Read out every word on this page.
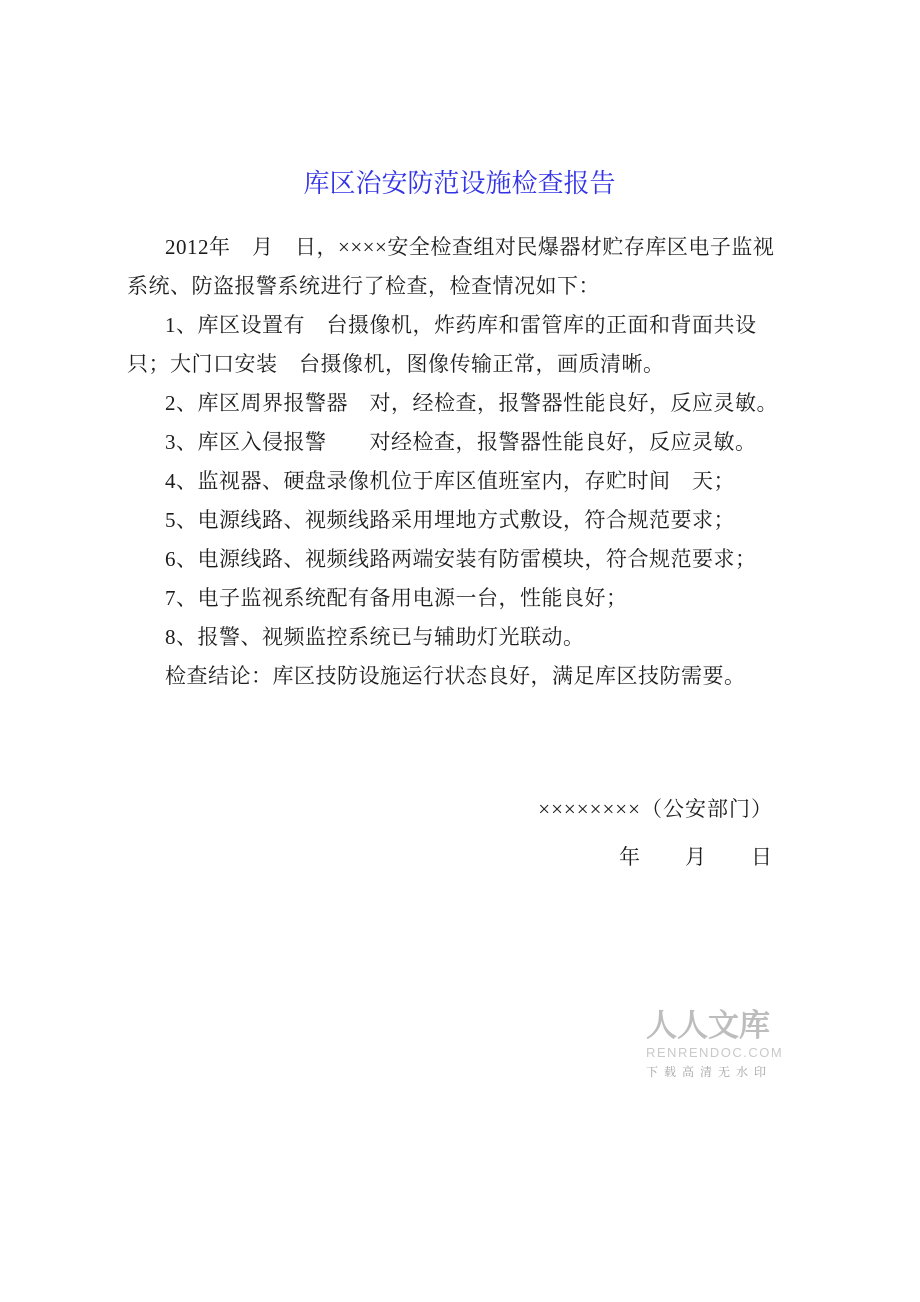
库区治安防范设施检查报告

2012年　月　日，××××安全检查组对民爆器材贮存库区电子监视系统、防盗报警系统进行了检查，检查情况如下：

1、库区设置有　台摄像机，炸药库和雷管库的正面和背面共设　只；大门口安装　台摄像机，图像传输正常，画质清晰。

2、库区周界报警器　对，经检查，报警器性能良好，反应灵敏。

3、库区入侵报警　　对经检查，报警器性能良好，反应灵敏。

4、监视器、硬盘录像机位于库区值班室内，存贮时间　天；

5、电源线路、视频线路采用埋地方式敷设，符合规范要求；

6、电源线路、视频线路两端安装有防雷模块，符合规范要求；

7、电子监视系统配有备用电源一台，性能良好；

8、报警、视频监控系统已与辅助灯光联动。

检查结论：库区技防设施运行状态良好，满足库区技防需要。

××××××××（公安部门）
年　　月　　日
人人文库
RENRENDOC.COM
下载高清无水印
